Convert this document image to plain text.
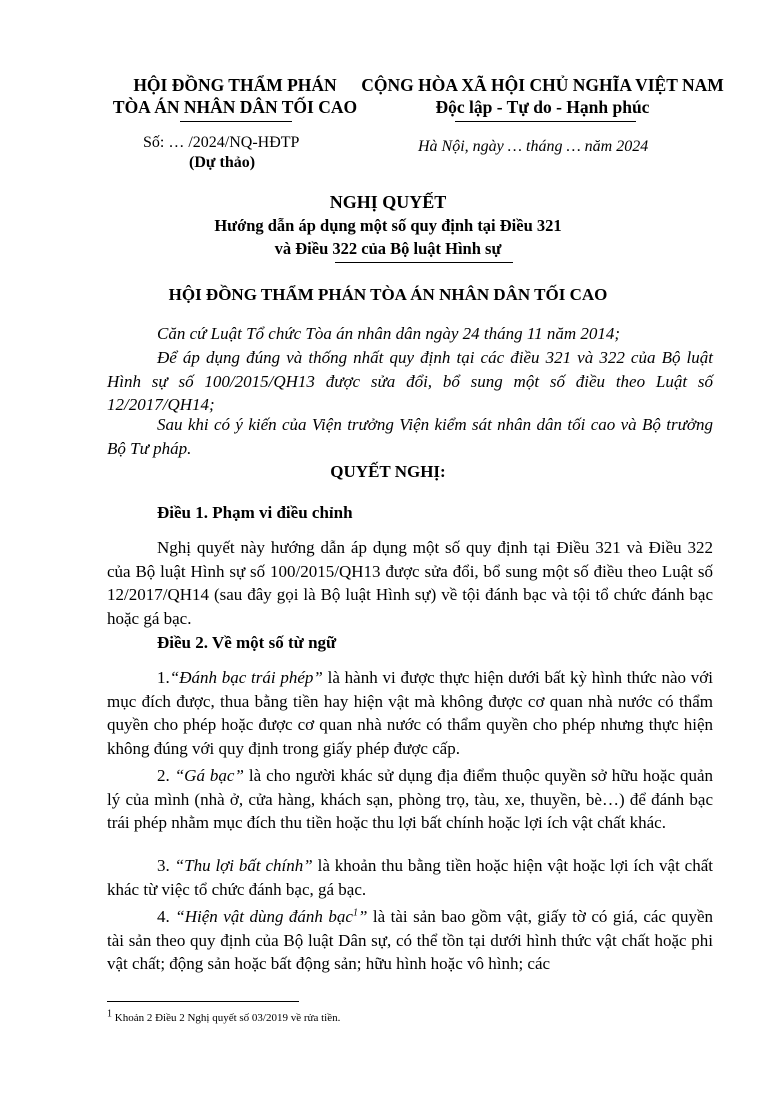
HỘI ĐỒNG THẨM PHÁN
TÒA ÁN NHÂN DÂN TỐI CAO
CỘNG HÒA XÃ HỘI CHỦ NGHĨA VIỆT NAM
Độc lập - Tự do - Hạnh phúc
Số: … /2024/NQ-HĐTP
(Dự thảo)
Hà Nội, ngày … tháng … năm 2024
NGHỊ QUYẾT
Hướng dẫn áp dụng một số quy định tại Điều 321
và Điều 322 của Bộ luật Hình sự
HỘI ĐỒNG THẨM PHÁN TÒA ÁN NHÂN DÂN TỐI CAO
Căn cứ Luật Tổ chức Tòa án nhân dân ngày 24 tháng 11 năm 2014;
Để áp dụng đúng và thống nhất quy định tại các điều 321 và 322 của Bộ luật Hình sự số 100/2015/QH13 được sửa đổi, bổ sung một số điều theo Luật số 12/2017/QH14;
Sau khi có ý kiến của Viện trưởng Viện kiểm sát nhân dân tối cao và Bộ trưởng Bộ Tư pháp.
QUYẾT NGHỊ:
Điều 1. Phạm vi điều chỉnh
Nghị quyết này hướng dẫn áp dụng một số quy định tại Điều 321 và Điều 322 của Bộ luật Hình sự số 100/2015/QH13 được sửa đổi, bổ sung một số điều theo Luật số 12/2017/QH14 (sau đây gọi là Bộ luật Hình sự) về tội đánh bạc và tội tổ chức đánh bạc hoặc gá bạc.
Điều 2. Về một số từ ngữ
1.“Đánh bạc trái phép” là hành vi được thực hiện dưới bất kỳ hình thức nào với mục đích được, thua bằng tiền hay hiện vật mà không được cơ quan nhà nước có thẩm quyền cho phép hoặc được cơ quan nhà nước có thẩm quyền cho phép nhưng thực hiện không đúng với quy định trong giấy phép được cấp.
2. “Gá bạc” là cho người khác sử dụng địa điểm thuộc quyền sở hữu hoặc quản lý của mình (nhà ở, cửa hàng, khách sạn, phòng trọ, tàu, xe, thuyền, bè…) để đánh bạc trái phép nhằm mục đích thu tiền hoặc thu lợi bất chính hoặc lợi ích vật chất khác.
3. “Thu lợi bất chính” là khoản thu bằng tiền hoặc hiện vật hoặc lợi ích vật chất khác từ việc tổ chức đánh bạc, gá bạc.
4. “Hiện vật dùng đánh bạc$^1$” là tài sản bao gồm vật, giấy tờ có giá, các quyền tài sản theo quy định của Bộ luật Dân sự, có thể tồn tại dưới hình thức vật chất hoặc phi vật chất; động sản hoặc bất động sản; hữu hình hoặc vô hình; các
$^1$ Khoản 2 Điều 2 Nghị quyết số 03/2019 về rửa tiền.
